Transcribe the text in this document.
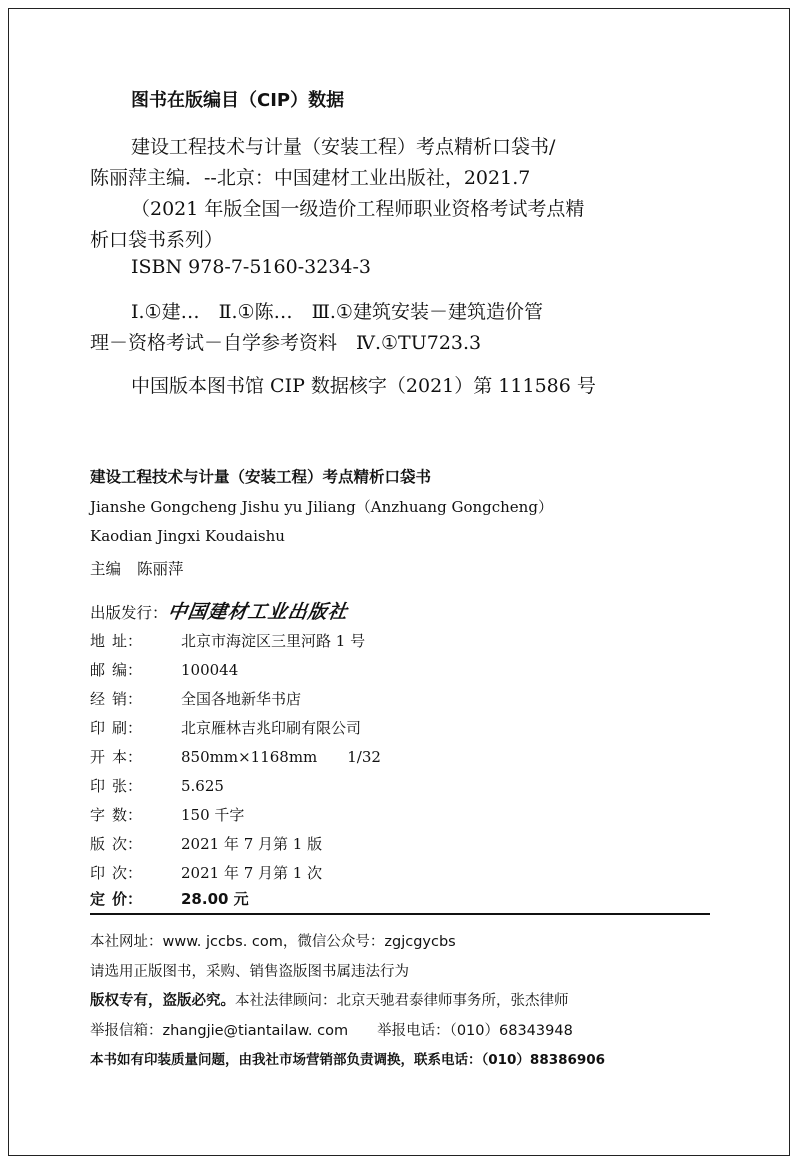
图书在版编目（CIP）数据
建设工程技术与计量（安装工程）考点精析口袋书/
陈丽萍主编．--北京：中国建材工业出版社，2021.7
（2021 年版全国一级造价工程师职业资格考试考点精
析口袋书系列）
ISBN 978-7-5160-3234-3
Ⅰ.①建…　Ⅱ.①陈…　Ⅲ.①建筑安装－建筑造价管
理－资格考试－自学参考资料　Ⅳ.①TU723.3
中国版本图书馆 CIP 数据核字（2021）第 111586 号
建设工程技术与计量（安装工程）考点精析口袋书
Jianshe Gongcheng Jishu yu Jiliang（Anzhuang Gongcheng）
Kaodian Jingxi Koudaishu
主编 陈丽萍
出版发行：中国建材工业出版社
地 址：	北京市海淀区三里河路 1 号
邮 编：	100044
经 销：	全国各地新华书店
印 刷：	北京雁林吉兆印刷有限公司
开 本：	850mm×1168mm　　1/32
印 张：	5.625
字 数：	150 千字
版 次：	2021 年 7 月第 1 版
印 次：	2021 年 7 月第 1 次
定 价：	28.00 元
本社网址：www. jccbs. com，微信公众号：zgjcgycbs
请选用正版图书，采购、销售盗版图书属违法行为
版权专有，盗版必究。本社法律顾问：北京天驰君泰律师事务所，张杰律师
举报信箱：zhangjie@tiantailaw. com　　举报电话：（010）68343948
本书如有印装质量问题，由我社市场营销部负责调换，联系电话：（010）88386906
